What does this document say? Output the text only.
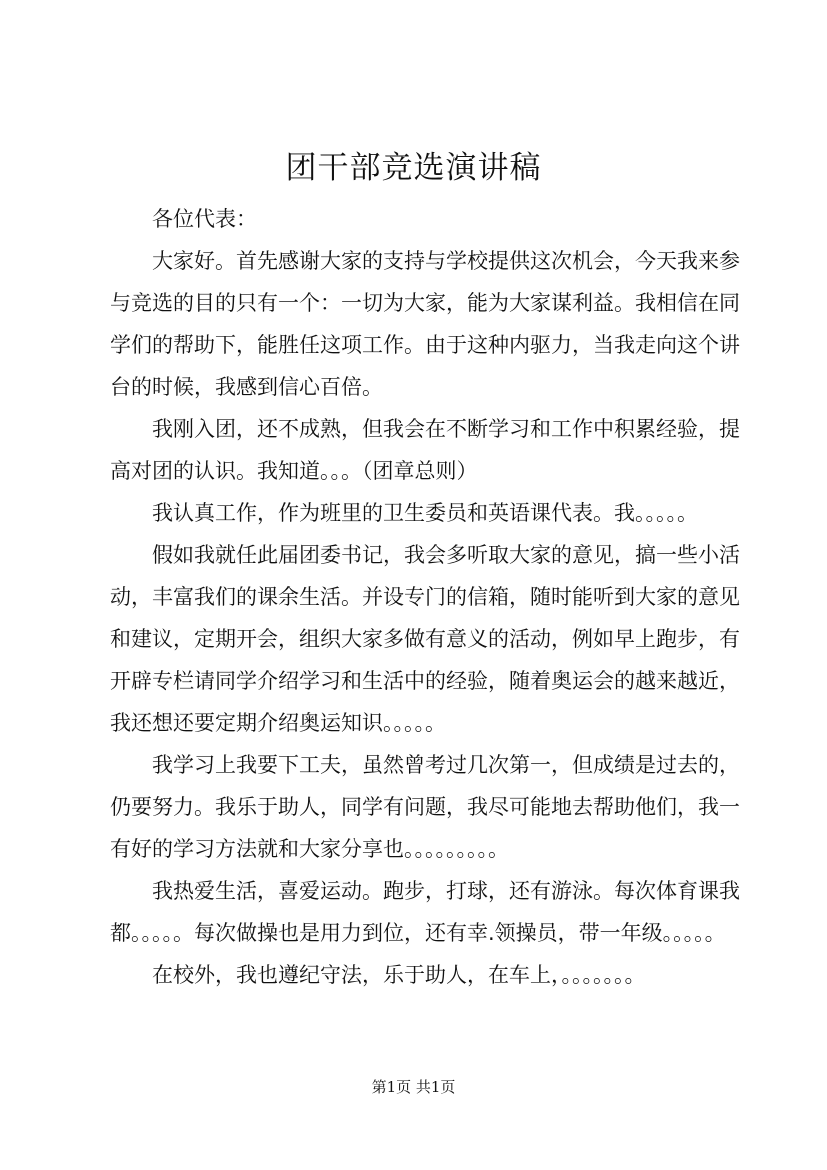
团干部竞选演讲稿

各位代表：

大家好。首先感谢大家的支持与学校提供这次机会，今天我来参与竞选的目的只有一个：一切为大家，能为大家谋利益。我相信在同学们的帮助下，能胜任这项工作。由于这种内驱力，当我走向这个讲台的时候，我感到信心百倍。

我刚入团，还不成熟，但我会在不断学习和工作中积累经验，提高对团的认识。我知道。。。（团章总则）

我认真工作，作为班里的卫生委员和英语课代表。我。。。。。

假如我就任此届团委书记，我会多听取大家的意见，搞一些小活动，丰富我们的课余生活。并设专门的信箱，随时能听到大家的意见和建议，定期开会，组织大家多做有意义的活动，例如早上跑步，有开辟专栏请同学介绍学习和生活中的经验，随着奥运会的越来越近，我还想还要定期介绍奥运知识。。。。。

我学习上我要下工夫，虽然曾考过几次第一，但成绩是过去的，仍要努力。我乐于助人，同学有问题，我尽可能地去帮助他们，我一有好的学习方法就和大家分享也。。。。。。。。。

我热爱生活，喜爱运动。跑步，打球，还有游泳。每次体育课我都。。。。。每次做操也是用力到位，还有幸.领操员，带一年级。。。。。

在校外，我也遵纪守法，乐于助人，在车上，。。。。。。。

第1页 共1页
